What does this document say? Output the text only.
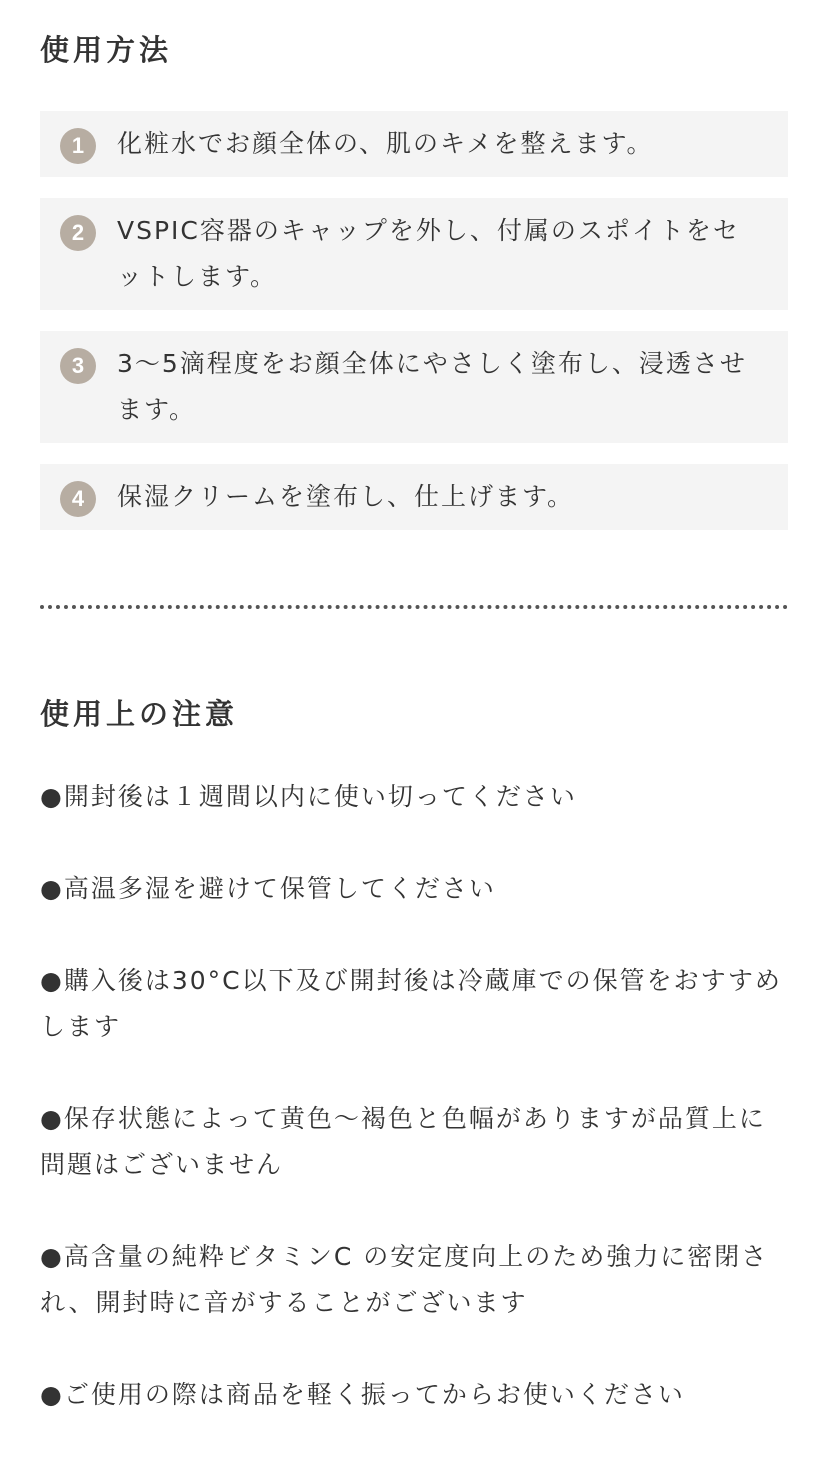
使用方法
1	化粧水でお顔全体の、肌のキメを整えます。
2	VSPIC容器のキャップを外し、付属のスポイトをセットします。
3	3〜5滴程度をお顔全体にやさしく塗布し、浸透させます。
4	保湿クリームを塗布し、仕上げます。
使用上の注意

●開封後は１週間以内に使い切ってください

●高温多湿を避けて保管してください

●購入後は30°C以下及び開封後は冷蔵庫での保管をおすすめします

●保存状態によって黄色〜褐色と色幅がありますが品質上に問題はございません

●高含量の純粋ビタミンC の安定度向上のため強力に密閉され、開封時に音がすることがございます

●ご使用の際は商品を軽く振ってからお使いください
